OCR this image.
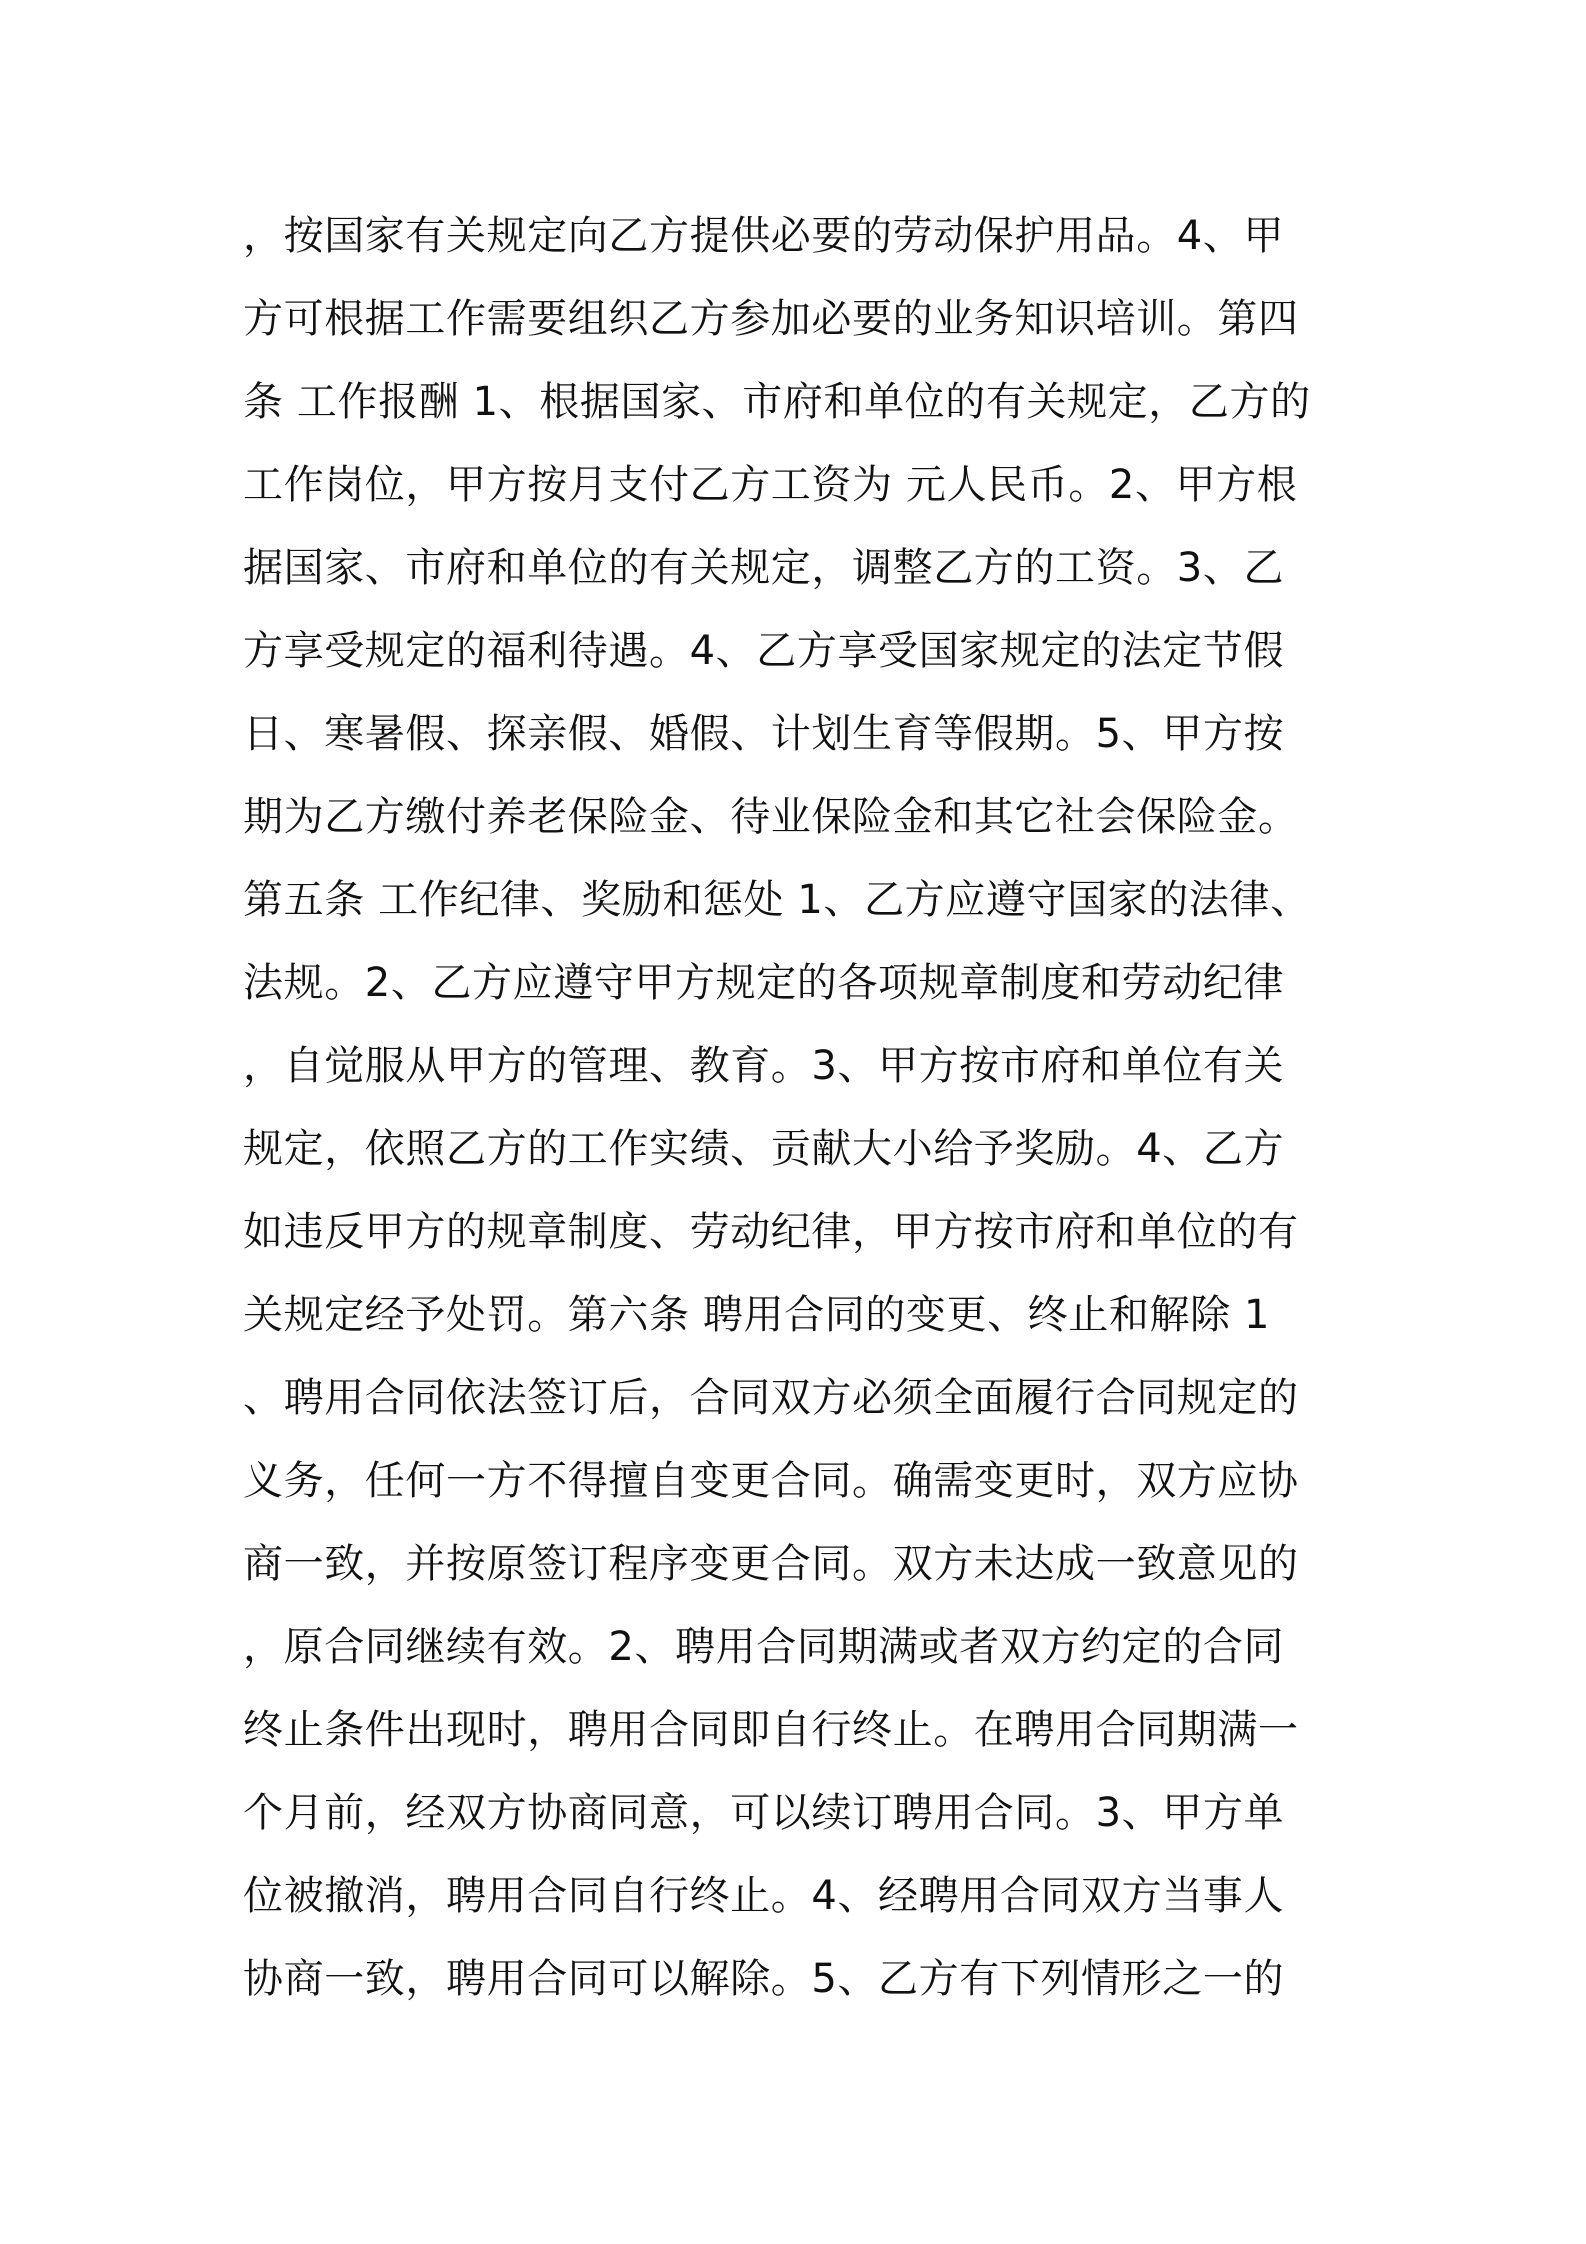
，按国家有关规定向乙方提供必要的劳动保护用品。4、甲
方可根据工作需要组织乙方参加必要的业务知识培训。第四
条 工作报酬 1、根据国家、市府和单位的有关规定，乙方的
工作岗位，甲方按月支付乙方工资为 元人民币。2、甲方根
据国家、市府和单位的有关规定，调整乙方的工资。3、乙
方享受规定的福利待遇。4、乙方享受国家规定的法定节假
日、寒暑假、探亲假、婚假、计划生育等假期。5、甲方按
期为乙方缴付养老保险金、待业保险金和其它社会保险金。
第五条 工作纪律、奖励和惩处 1、乙方应遵守国家的法律、
法规。2、乙方应遵守甲方规定的各项规章制度和劳动纪律
，自觉服从甲方的管理、教育。3、甲方按市府和单位有关
规定，依照乙方的工作实绩、贡献大小给予奖励。4、乙方
如违反甲方的规章制度、劳动纪律，甲方按市府和单位的有
关规定经予处罚。第六条 聘用合同的变更、终止和解除 1
、聘用合同依法签订后，合同双方必须全面履行合同规定的
义务，任何一方不得擅自变更合同。确需变更时，双方应协
商一致，并按原签订程序变更合同。双方未达成一致意见的
，原合同继续有效。2、聘用合同期满或者双方约定的合同
终止条件出现时，聘用合同即自行终止。在聘用合同期满一
个月前，经双方协商同意，可以续订聘用合同。3、甲方单
位被撤消，聘用合同自行终止。4、经聘用合同双方当事人
协商一致，聘用合同可以解除。5、乙方有下列情形之一的
